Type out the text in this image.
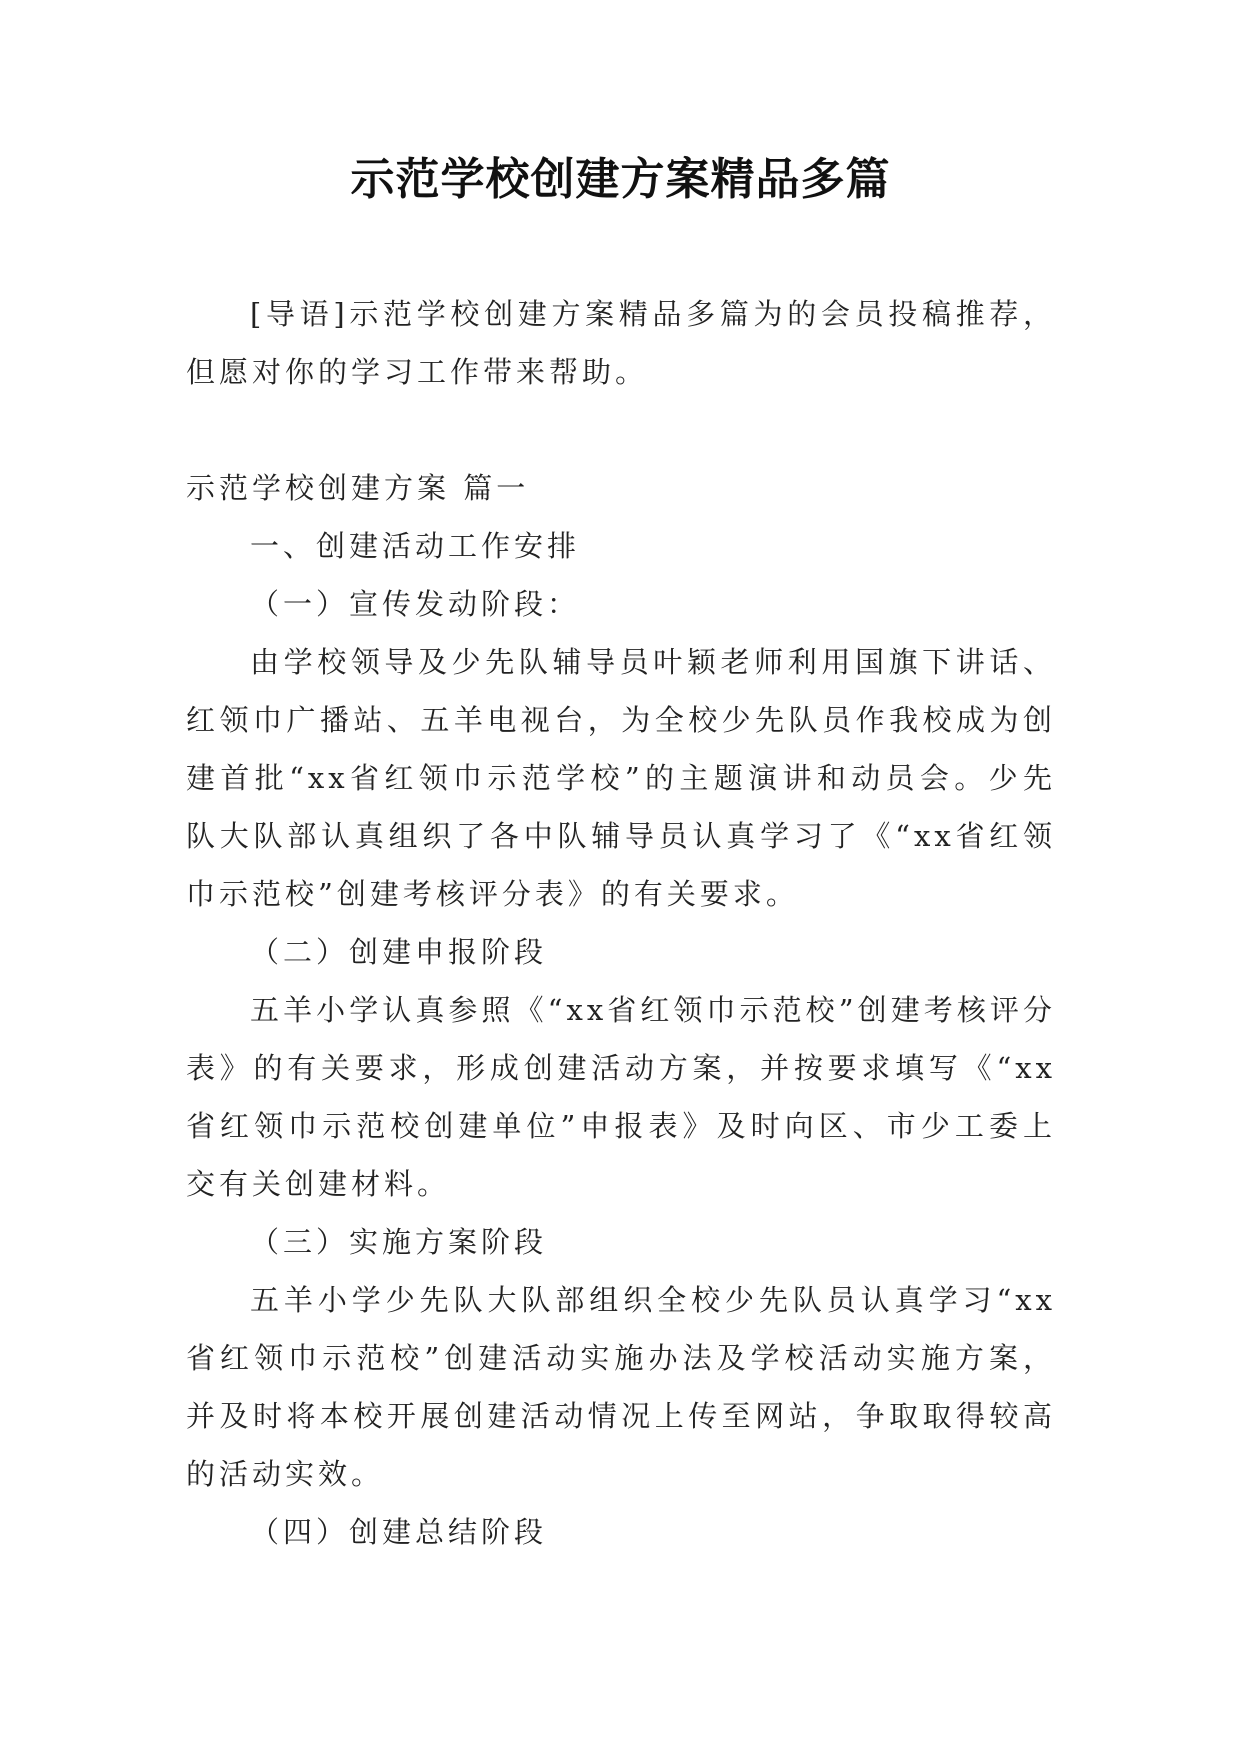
示范学校创建方案精品多篇

[导语]示范学校创建方案精品多篇为的会员投稿推荐，但愿对你的学习工作带来帮助。

示范学校创建方案 篇一

一、创建活动工作安排

（一）宣传发动阶段：

由学校领导及少先队辅导员叶颖老师利用国旗下讲话、红领巾广播站、五羊电视台，为全校少先队员作我校成为创建首批“xx省红领巾示范学校”的主题演讲和动员会。少先队大队部认真组织了各中队辅导员认真学习了《“xx省红领巾示范校”创建考核评分表》的有关要求。

（二）创建申报阶段

五羊小学认真参照《“xx省红领巾示范校”创建考核评分表》的有关要求，形成创建活动方案，并按要求填写《“xx省红领巾示范校创建单位”申报表》及时向区、市少工委上交有关创建材料。

（三）实施方案阶段

五羊小学少先队大队部组织全校少先队员认真学习“xx省红领巾示范校”创建活动实施办法及学校活动实施方案，并及时将本校开展创建活动情况上传至网站，争取取得较高的活动实效。

（四）创建总结阶段
